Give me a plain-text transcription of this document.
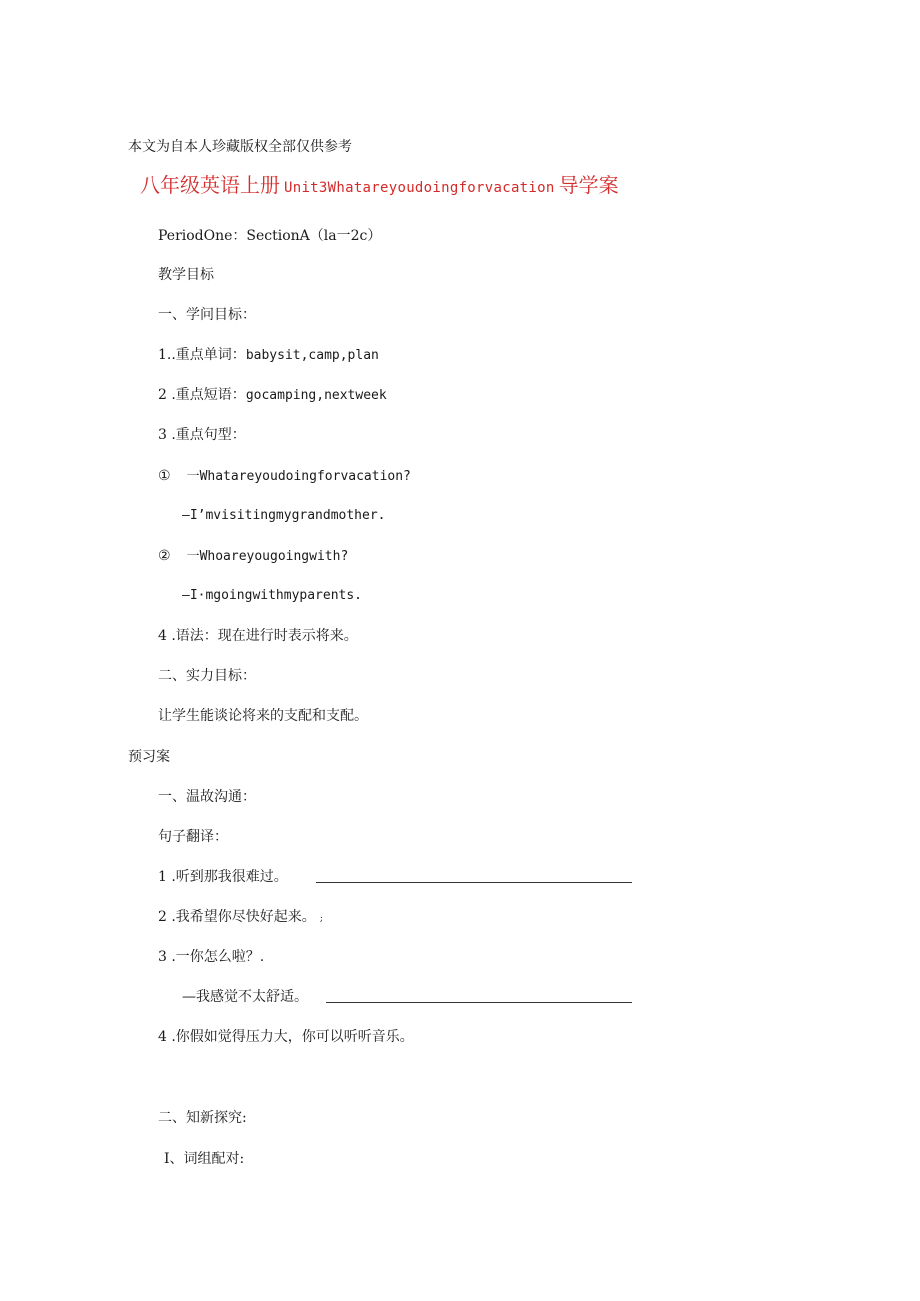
本文为自本人珍藏版权全部仅供参考
八年级英语上册 Unit3Whatareyoudoingforvacation 导学案
PeriodOne：SectionA（la一2c）
教学目标
一、学问目标：
1..重点单词：babysit,camp,plan
2 .重点短语：gocamping,nextweek
3 .重点句型：
① 一Whatareyoudoingforvacation?
—I’mvisitingmygrandmother.
② 一Whoareyougoingwith?
—I·mgoingwithmyparents.
4 .语法：现在进行时表示将来。
二、实力目标：
让学生能谈论将来的支配和支配。
预习案
一、温故沟通：
句子翻译：
1 .听到那我很难过。
2 .我希望你尽快好起来。 ;
3 .一你怎么啦？.
—我感觉不太舒适。
4 .你假如觉得压力大，你可以听听音乐。
二、知新探究:
I、词组配对:
